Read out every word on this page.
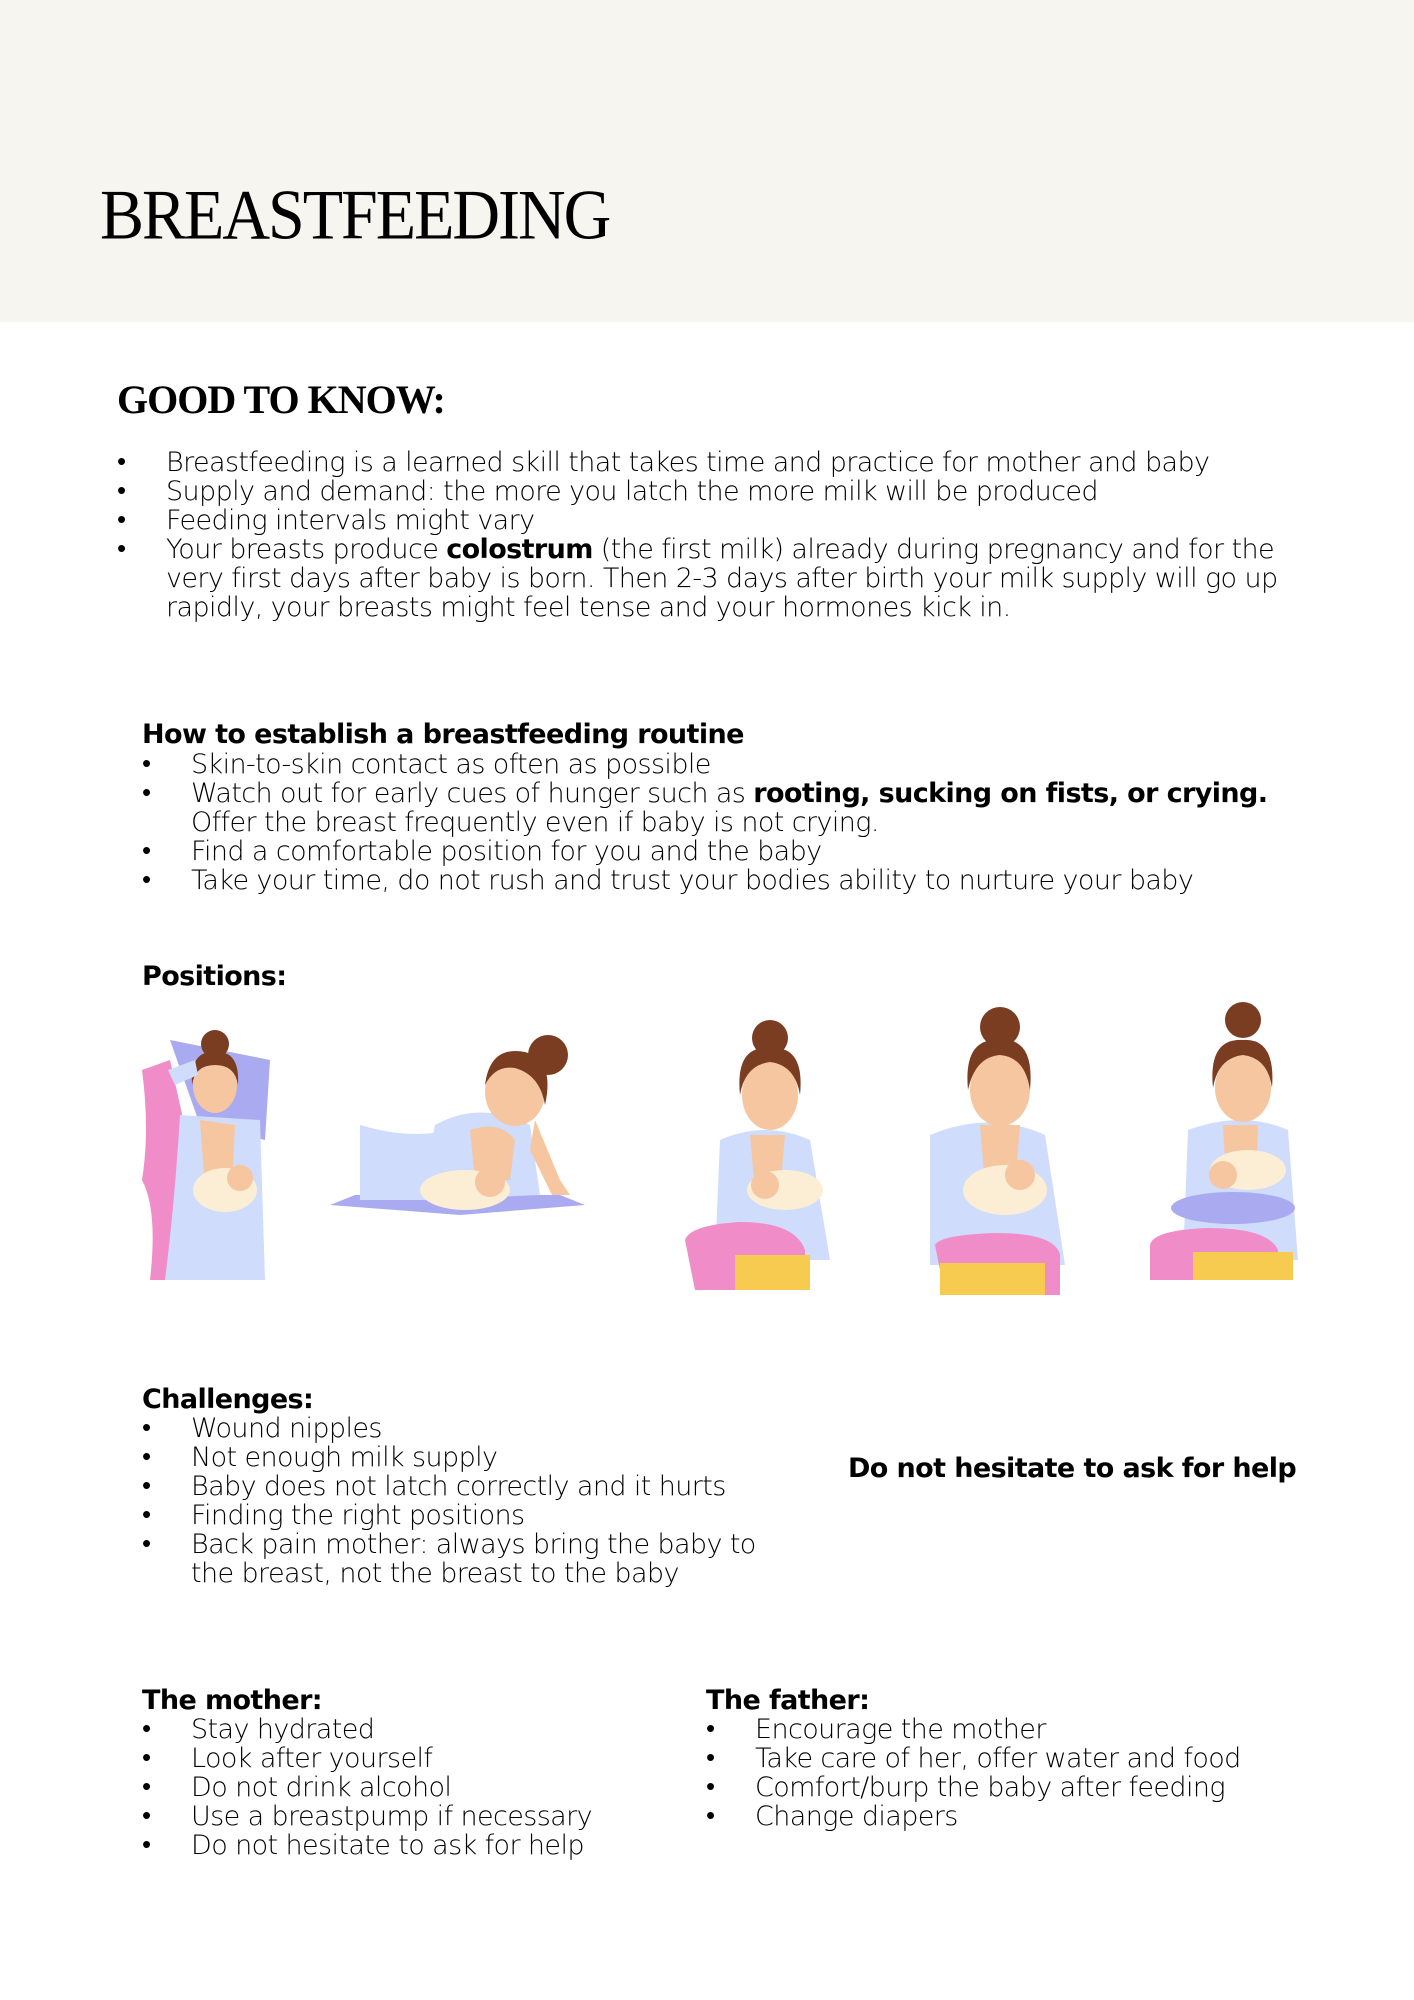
BREASTFEEDING
GOOD TO KNOW:
• Breastfeeding is a learned skill that takes time and practice for mother and baby
• Supply and demand: the more you latch the more milk will be produced
• Feeding intervals might vary
• Your breasts produce colostrum (the first milk) already during pregnancy and for the very first days after baby is born. Then 2-3 days after birth your milk supply will go up rapidly, your breasts might feel tense and your hormones kick in.
How to establish a breastfeeding routine
• Skin-to-skin contact as often as possible
• Watch out for early cues of hunger such as rooting, sucking on fists, or crying. Offer the breast frequently even if baby is not crying.
• Find a comfortable position for you and the baby
• Take your time, do not rush and trust your bodies ability to nurture your baby
Positions:
Challenges:
• Wound nipples
• Not enough milk supply
• Baby does not latch correctly and it hurts
• Finding the right positions
• Back pain mother: always bring the baby to the breast, not the breast to the baby
Do not hesitate to ask for help
The mother:
• Stay hydrated
• Look after yourself
• Do not drink alcohol
• Use a breastpump if necessary
• Do not hesitate to ask for help
The father:
• Encourage the mother
• Take care of her, offer water and food
• Comfort/burp the baby after feeding
• Change diapers
